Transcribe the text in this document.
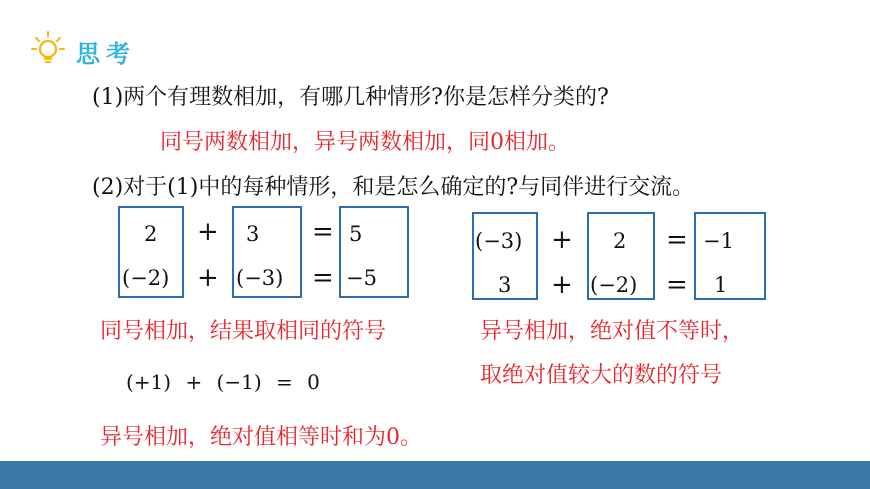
思考
(1)两个有理数相加，有哪几种情形?你是怎样分类的?
同号两数相加，异号两数相加，同0相加。
(2)对于(1)中的每种情形，和是怎么确定的?与同伴进行交流。
2
(−2)
+
+
3
(−3)
=
=
5
−5
(−3)
3
+
+
2
(−2)
=
=
−1
1
同号相加，结果取相同的符号	异号相加，绝对值不等时，
取绝对值较大的数的符号
(+1) + (−1) = 0
异号相加，绝对值相等时和为0。
